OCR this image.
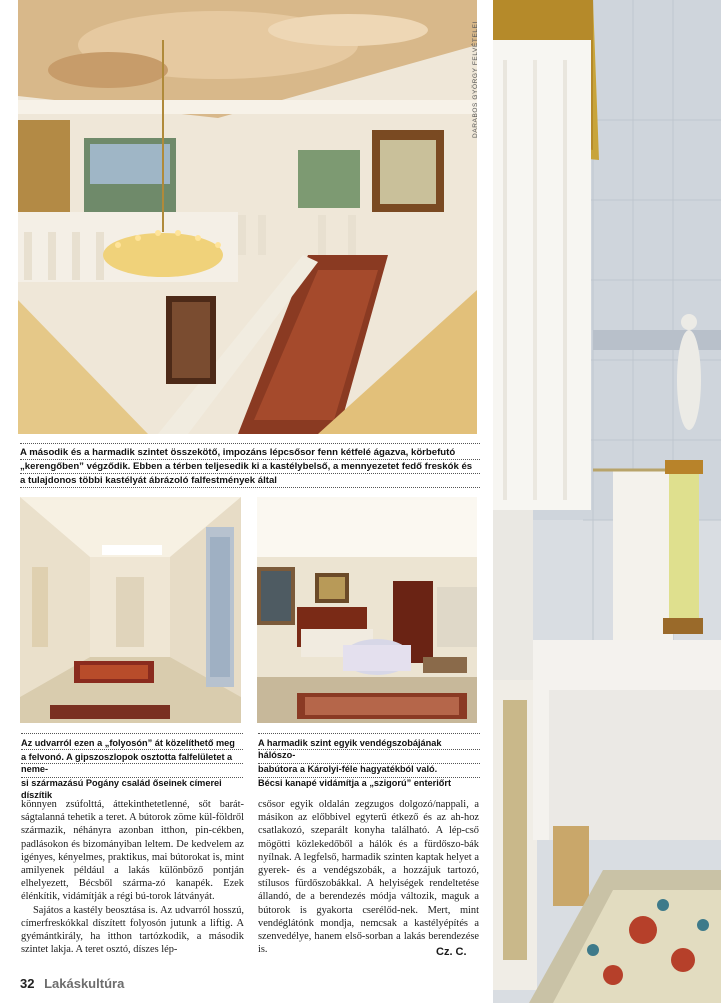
DARABOS GYÖRGY FELVÉTELEI
A második és a harmadik szintet összekötő, impozáns lépcsősor fenn kétfelé ágazva, körbefutó
„kerengőben” végződik. Ebben a térben teljesedik ki a kastélybelső, a mennyezetet fedő freskók és
a tulajdonos többi kastélyát ábrázoló falfestmények által
Az udvarról ezen a „folyosón” át közelíthető meg
a felvonó. A gipszoszlopok osztotta falfelületet a neme-
si származású Pogány család őseinek címerei díszítik
A harmadik szint egyik vendégszobájának hálószo-
babútora a Károlyi-féle hagyatékból való.
Bécsi kanapé vidámítja a „szigorú” enteriőrt

könnyen zsúfolttá, áttekinthetetlenné, sőt barát-ságtalanná tehetik a teret. A bútorok zöme kül-földről származik, néhányra azonban itthon, pin-cékben, padlásokon és bizományiban leltem. De kedvelem az igényes, kényelmes, praktikus, mai bútorokat is, mint amilyenek például a lakás különböző pontján elhelyezett, Bécsből szárma-zó kanapék. Ezek élénkítik, vidámítják a régi bú-torok látványát.

Sajátos a kastély beosztása is. Az udvarról hosszú, címerfreskókkal díszített folyosón jutunk a liftig. A gyémántkirály, ha itthon tartózkodik, a második szintet lakja. A teret osztó, díszes lép-

csősor egyik oldalán zegzugos dolgozó/nappali, a másikon az előbbivel egyterű étkező és az ah-hoz csatlakozó, szeparált konyha található. A lép-cső mögötti közlekedőből a hálók és a fürdőszo-bák nyílnak. A legfelső, harmadik szinten kaptak helyet a gyerek- és a vendégszobák, a hozzájuk tartozó, stílusos fürdőszobákkal. A helyiségek rendeltetése állandó, de a berendezés módja változik, maguk a bútorok is gyakorta cserélőd-nek. Mert, mint vendéglátónk mondja, nemcsak a kastélyépítés a szenvedélye, hanem első-sorban a lakás berendezése is.	Cz. C.
32 Lakáskultúra
